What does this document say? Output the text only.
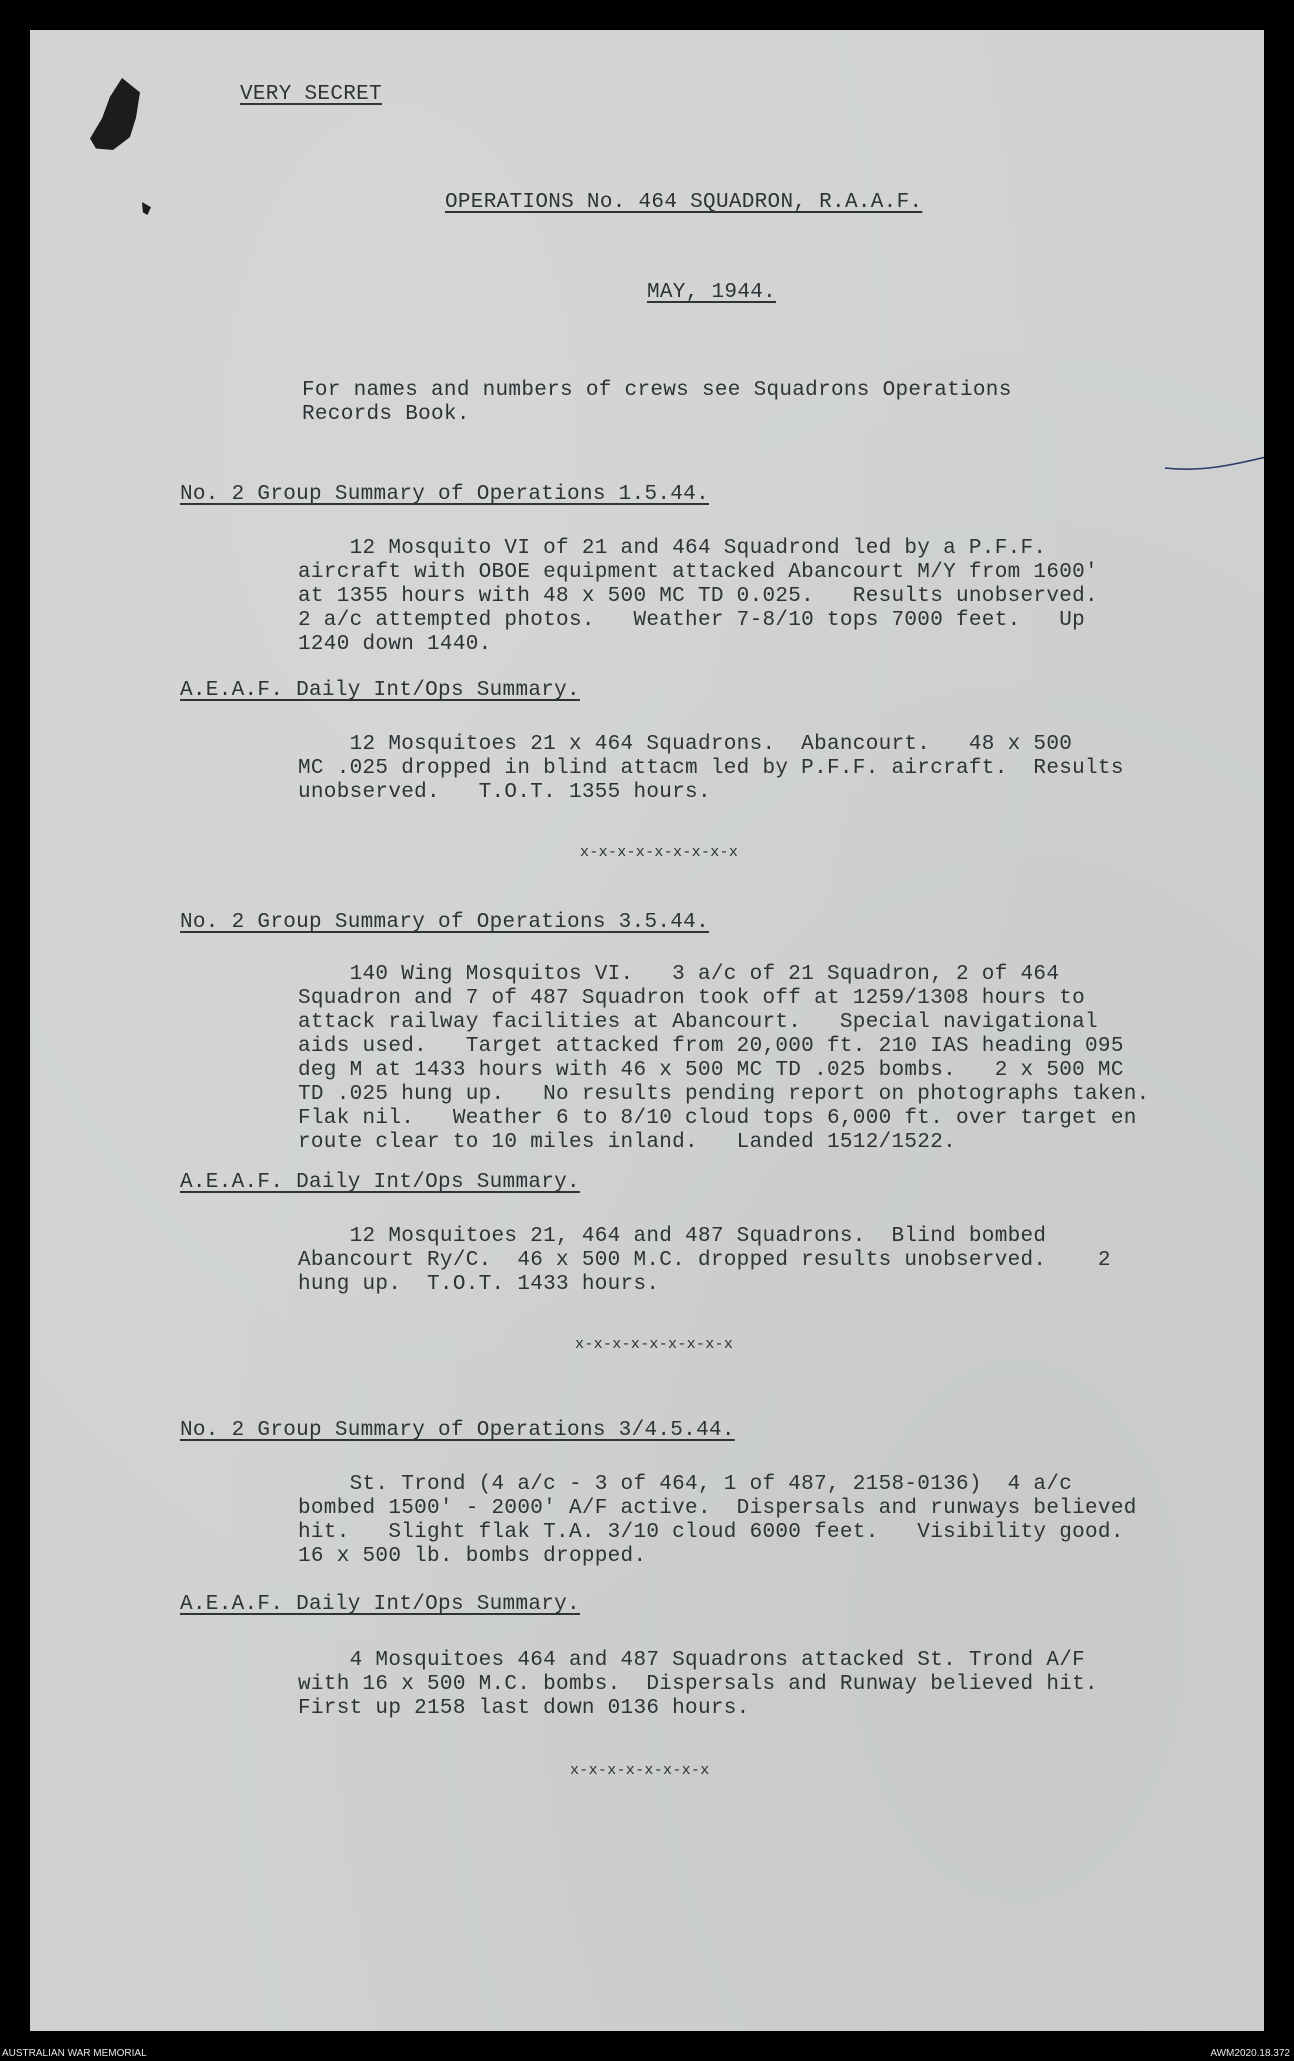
VERY SECRET
OPERATIONS No. 464 SQUADRON, R.A.A.F.
MAY, 1944.
For names and numbers of crews see Squadrons Operations
Records Book.
No. 2 Group Summary of Operations 1.5.44.
12 Mosquito VI of 21 and 464 Squadrond led by a P.F.F.
aircraft with OBOE equipment attacked Abancourt M/Y from 1600'
at 1355 hours with 48 x 500 MC TD 0.025.   Results unobserved.
2 a/c attempted photos.   Weather 7-8/10 tops 7000 feet.   Up
1240 down 1440.
A.E.A.F. Daily Int/Ops Summary.
12 Mosquitoes 21 x 464 Squadrons.  Abancourt.   48 x 500
MC .025 dropped in blind attacm led by P.F.F. aircraft.  Results
unobserved.   T.O.T. 1355 hours.
x-x-x-x-x-x-x-x-x
No. 2 Group Summary of Operations 3.5.44.
140 Wing Mosquitos VI.   3 a/c of 21 Squadron, 2 of 464
Squadron and 7 of 487 Squadron took off at 1259/1308 hours to
attack railway facilities at Abancourt.   Special navigational
aids used.   Target attacked from 20,000 ft. 210 IAS heading 095
deg M at 1433 hours with 46 x 500 MC TD .025 bombs.   2 x 500 MC
TD .025 hung up.   No results pending report on photographs taken.
Flak nil.   Weather 6 to 8/10 cloud tops 6,000 ft. over target en
route clear to 10 miles inland.   Landed 1512/1522.
A.E.A.F. Daily Int/Ops Summary.
12 Mosquitoes 21, 464 and 487 Squadrons.  Blind bombed
Abancourt Ry/C.  46 x 500 M.C. dropped results unobserved.    2
hung up.  T.O.T. 1433 hours.
x-x-x-x-x-x-x-x-x
No. 2 Group Summary of Operations 3/4.5.44.
St. Trond (4 a/c - 3 of 464, 1 of 487, 2158-0136)  4 a/c
bombed 1500' - 2000' A/F active.  Dispersals and runways believed
hit.   Slight flak T.A. 3/10 cloud 6000 feet.   Visibility good.
16 x 500 lb. bombs dropped.
A.E.A.F. Daily Int/Ops Summary.
4 Mosquitoes 464 and 487 Squadrons attacked St. Trond A/F
with 16 x 500 M.C. bombs.  Dispersals and Runway believed hit.
First up 2158 last down 0136 hours.
x-x-x-x-x-x-x-x
AUSTRALIAN WAR MEMORIAL	AWM2020.18.372
